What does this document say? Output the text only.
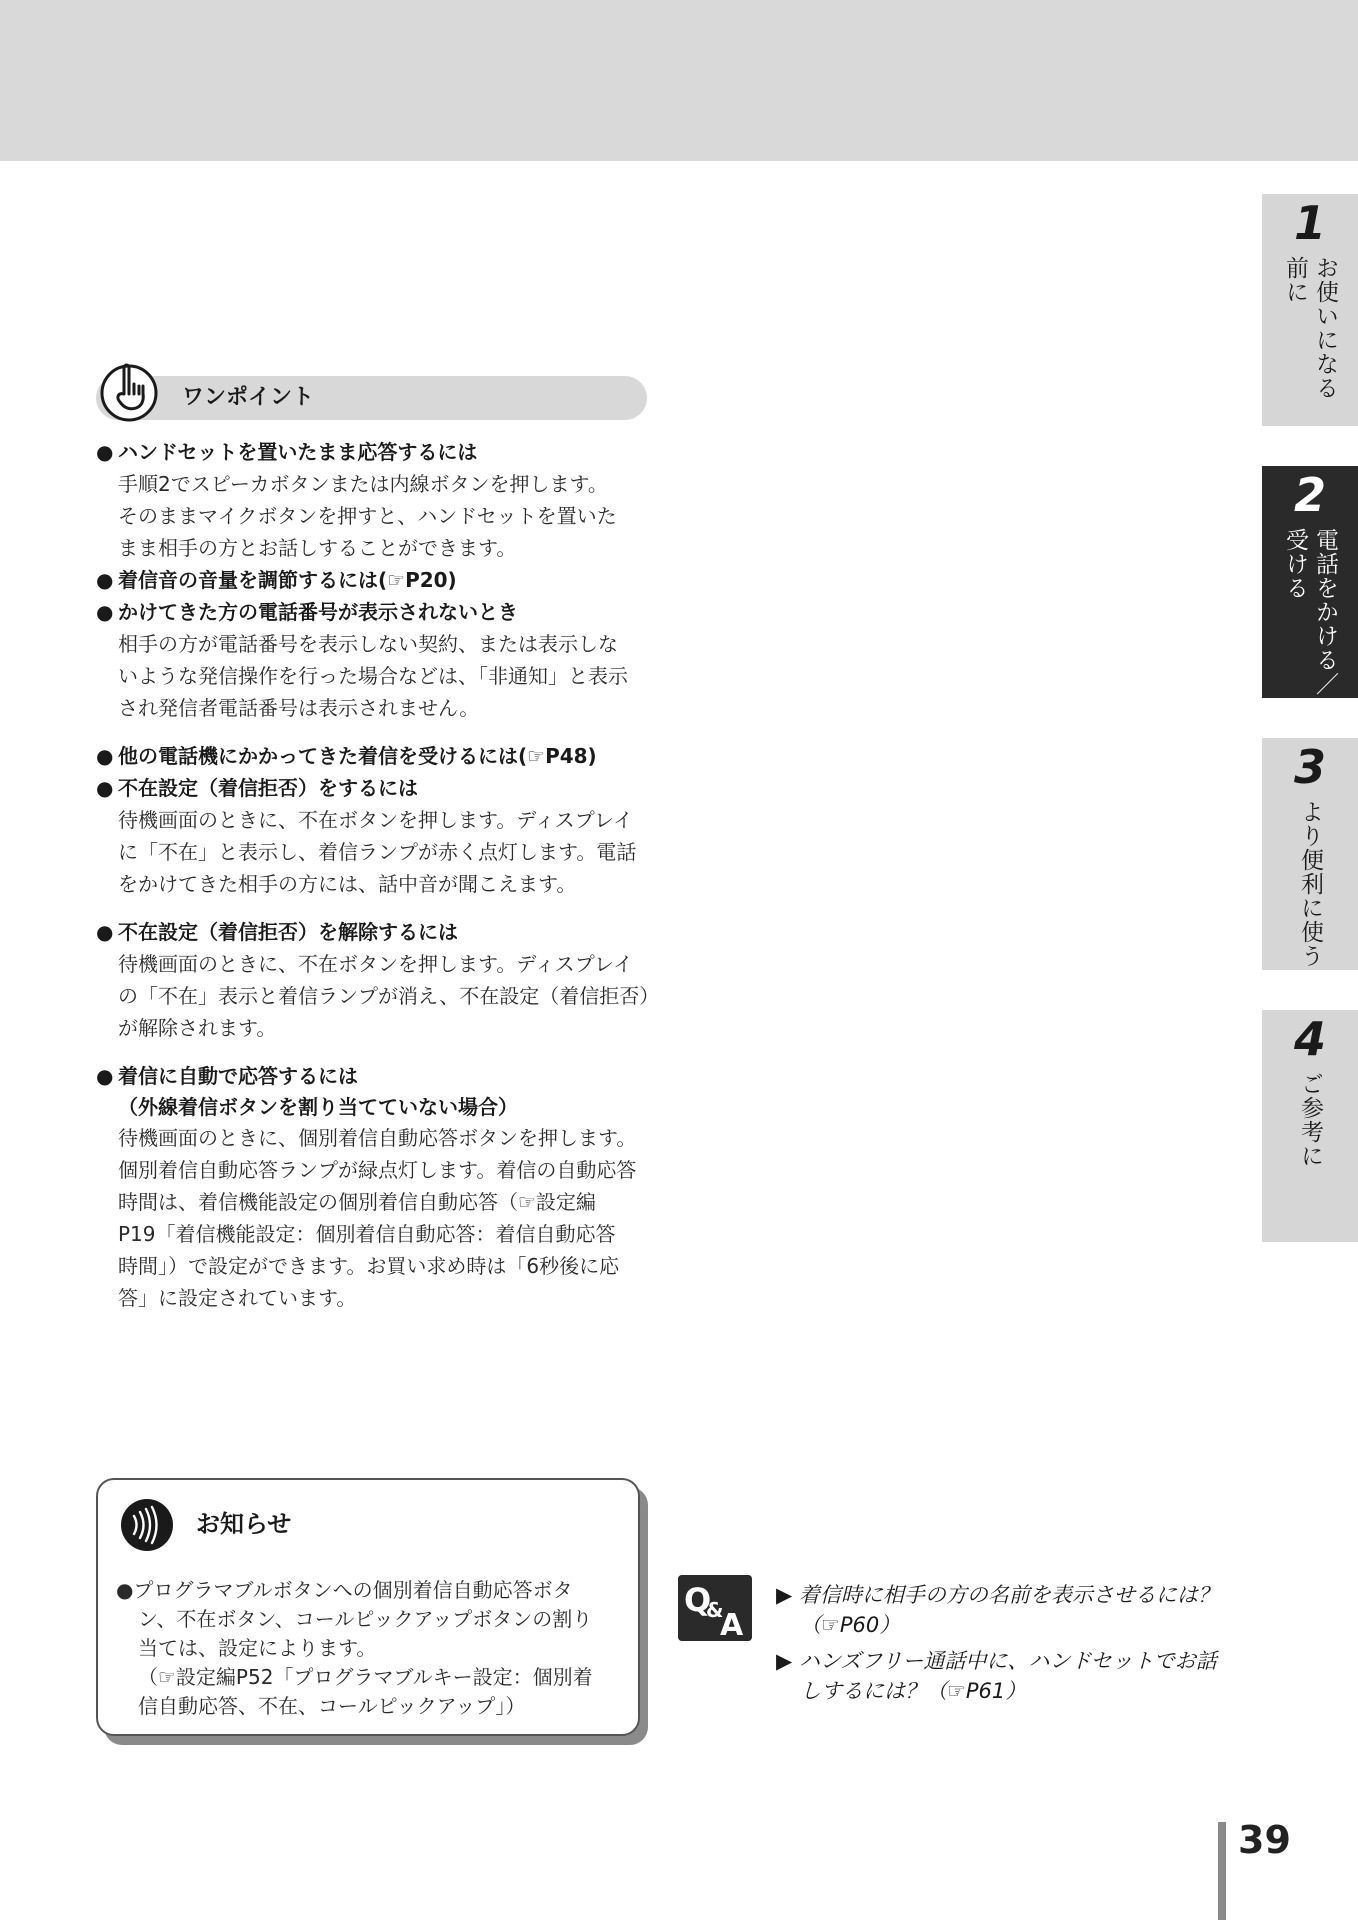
1
お使いになる
前に
2
電話をかける／
受ける
3
より便利に使う
4
ご参考に
ワンポイント
● ハンドセットを置いたまま応答するには
手順2でスピーカボタンまたは内線ボタンを押します。
そのままマイクボタンを押すと、ハンドセットを置いた
まま相手の方とお話しすることができます。
● 着信音の音量を調節するには(☞P20)
● かけてきた方の電話番号が表示されないとき
相手の方が電話番号を表示しない契約、または表示しな
いような発信操作を行った場合などは、「非通知」と表示
され発信者電話番号は表示されません。
● 他の電話機にかかってきた着信を受けるには(☞P48)
● 不在設定（着信拒否）をするには
待機画面のときに、不在ボタンを押します。ディスプレイ
に「不在」と表示し、着信ランプが赤く点灯します。電話
をかけてきた相手の方には、話中音が聞こえます。
● 不在設定（着信拒否）を解除するには
待機画面のときに、不在ボタンを押します。ディスプレイ
の「不在」表示と着信ランプが消え、不在設定（着信拒否）
が解除されます。
● 着信に自動で応答するには
（外線着信ボタンを割り当てていない場合）
待機画面のときに、個別着信自動応答ボタンを押します。
個別着信自動応答ランプが緑点灯します。着信の自動応答
時間は、着信機能設定の個別着信自動応答（☞設定編
P19「着信機能設定：個別着信自動応答：着信自動応答
時間」）で設定ができます。お買い求め時は「6秒後に応
答」に設定されています。
お知らせ
●プログラマブルボタンへの個別着信自動応答ボタ
ン、不在ボタン、コールピックアップボタンの割り
当ては、設定によります。
（☞設定編P52「プログラマブルキー設定：個別着
信自動応答、不在、コールピックアップ」）
Q
&
A
▶ 着信時に相手の方の名前を表示させるには？
（☞P60）
▶ ハンズフリー通話中に、ハンドセットでお話
しするには？（☞P61）
39
